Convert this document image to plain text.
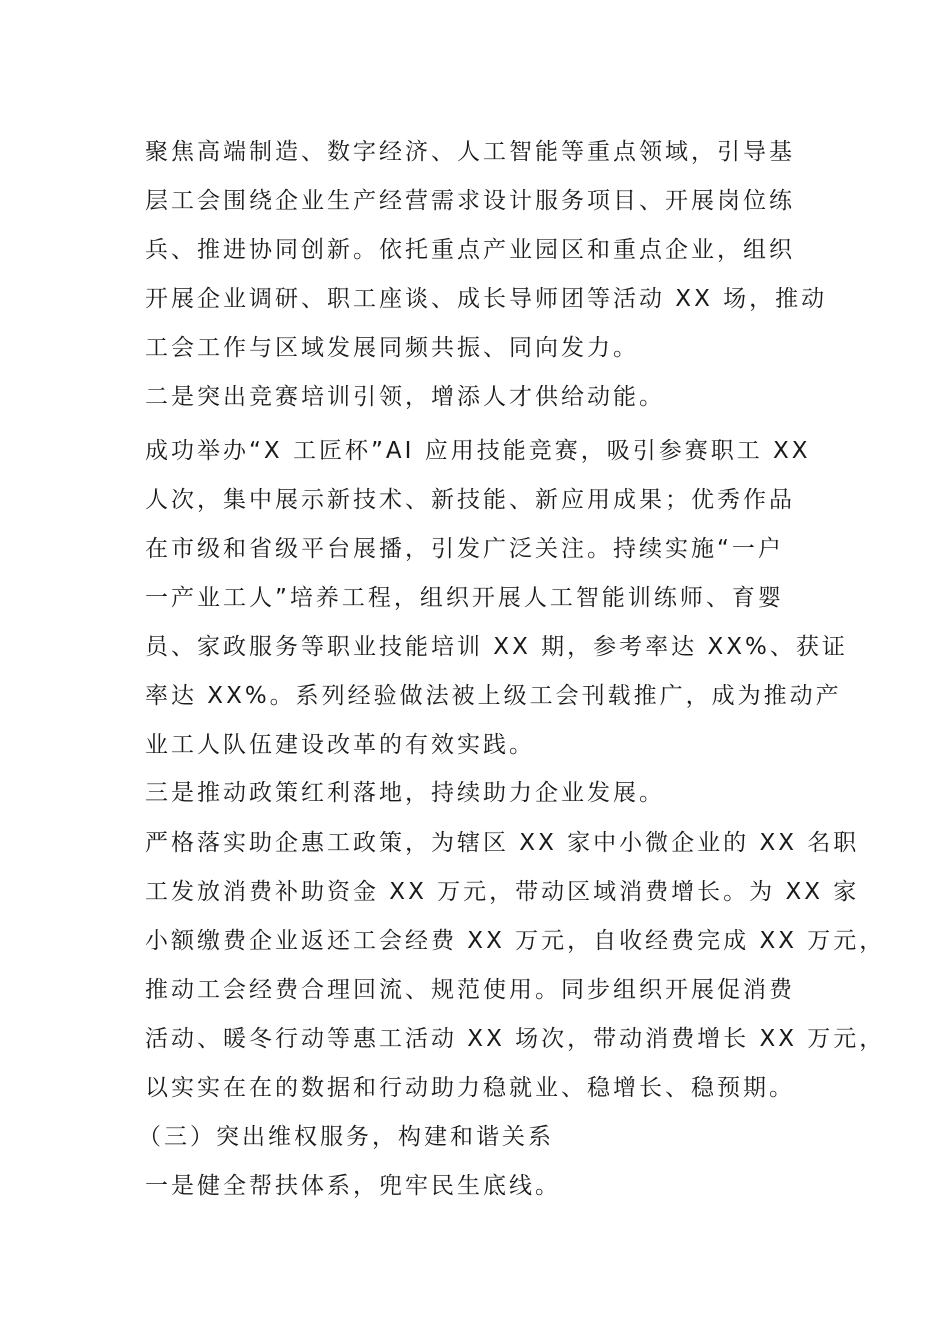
聚焦高端制造、数字经济、人工智能等重点领域，引导基
层工会围绕企业生产经营需求设计服务项目、开展岗位练
兵、推进协同创新。依托重点产业园区和重点企业，组织
开展企业调研、职工座谈、成长导师团等活动 XX 场，推动
工会工作与区域发展同频共振、同向发力。
二是突出竞赛培训引领，增添人才供给动能。
成功举办“X 工匠杯”AI 应用技能竞赛，吸引参赛职工 XX
人次，集中展示新技术、新技能、新应用成果；优秀作品
在市级和省级平台展播，引发广泛关注。持续实施“一户
一产业工人”培养工程，组织开展人工智能训练师、育婴
员、家政服务等职业技能培训 XX 期，参考率达 XX%、获证
率达 XX%。系列经验做法被上级工会刊载推广，成为推动产
业工人队伍建设改革的有效实践。
三是推动政策红利落地，持续助力企业发展。
严格落实助企惠工政策，为辖区 XX 家中小微企业的 XX 名职
工发放消费补助资金 XX 万元，带动区域消费增长。为 XX 家
小额缴费企业返还工会经费 XX 万元，自收经费完成 XX 万元，
推动工会经费合理回流、规范使用。同步组织开展促消费
活动、暖冬行动等惠工活动 XX 场次，带动消费增长 XX 万元，
以实实在在的数据和行动助力稳就业、稳增长、稳预期。
（三）突出维权服务，构建和谐关系
一是健全帮扶体系，兜牢民生底线。
